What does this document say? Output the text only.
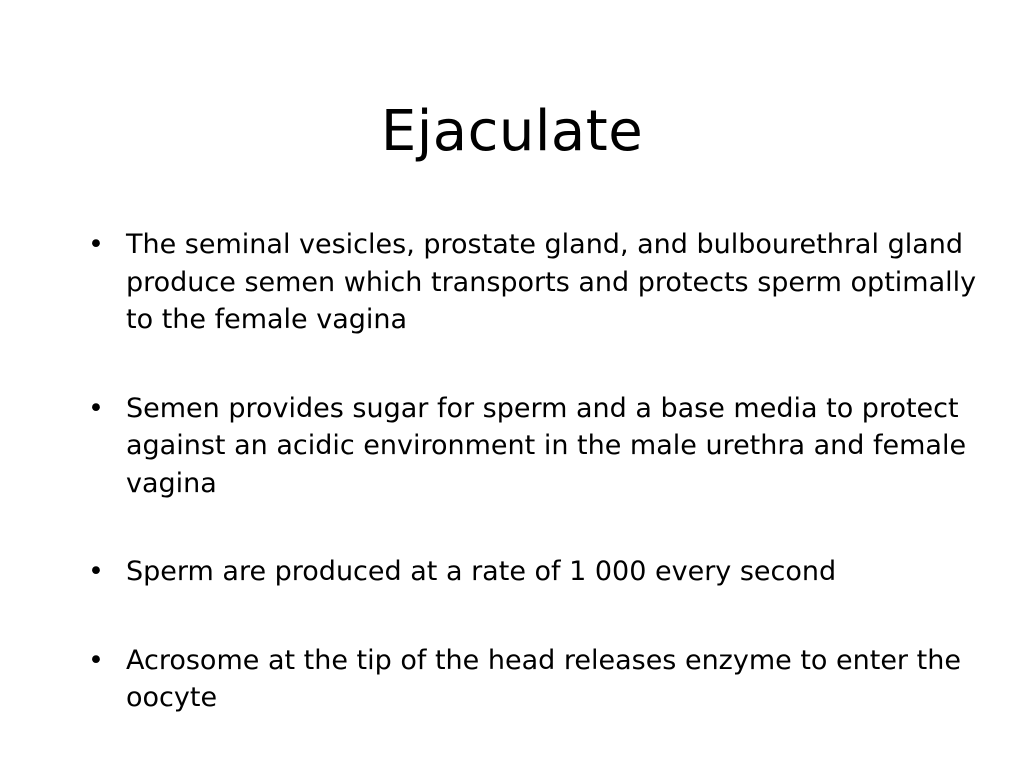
Ejaculate
• The seminal vesicles, prostate gland, and bulbourethral gland produce semen which transports and protects sperm optimally to the female vagina
• Semen provides sugar for sperm and a base media to protect against an acidic environment in the male urethra and female vagina
• Sperm are produced at a rate of 1 000 every second
• Acrosome at the tip of the head releases enzyme to enter the oocyte
